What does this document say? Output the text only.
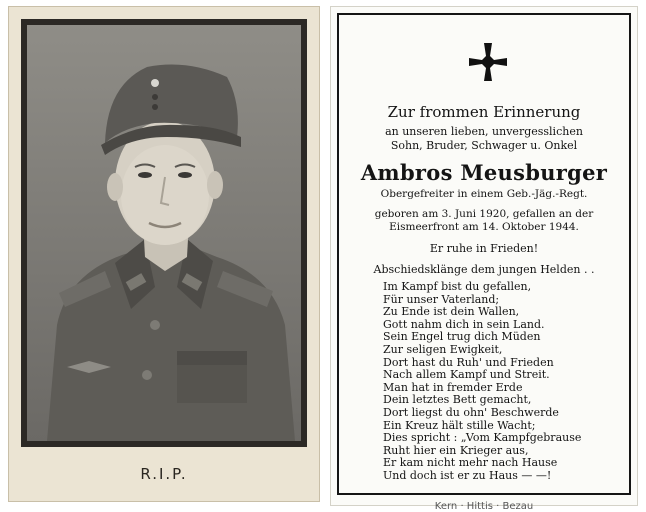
R.I.P.
Zur frommen Erinnerung
an unseren lieben, unvergesslichen
Sohn, Bruder, Schwager u. Onkel
Ambros Meusburger
Obergefreiter in einem Geb.-Jäg.-Regt.
geboren am 3. Juni 1920, gefallen an der
Eismeerfront am 14. Oktober 1944.
Er ruhe in Frieden!
Abschiedsklänge dem jungen Helden . .
Im Kampf bist du gefallen,
Für unser Vaterland;
Zu Ende ist dein Wallen,
Gott nahm dich in sein Land.
Sein Engel trug dich Müden
Zur seligen Ewigkeit,
Dort hast du Ruh' und Frieden
Nach allem Kampf und Streit.
Man hat in fremder Erde
Dein letztes Bett gemacht,
Dort liegst du ohn' Beschwerde
Ein Kreuz hält stille Wacht;
Dies spricht : „Vom Kampfgebrause
Ruht hier ein Krieger aus,
Er kam nicht mehr nach Hause
Und doch ist er zu Haus — —!
Kern · Hittis · Bezau
